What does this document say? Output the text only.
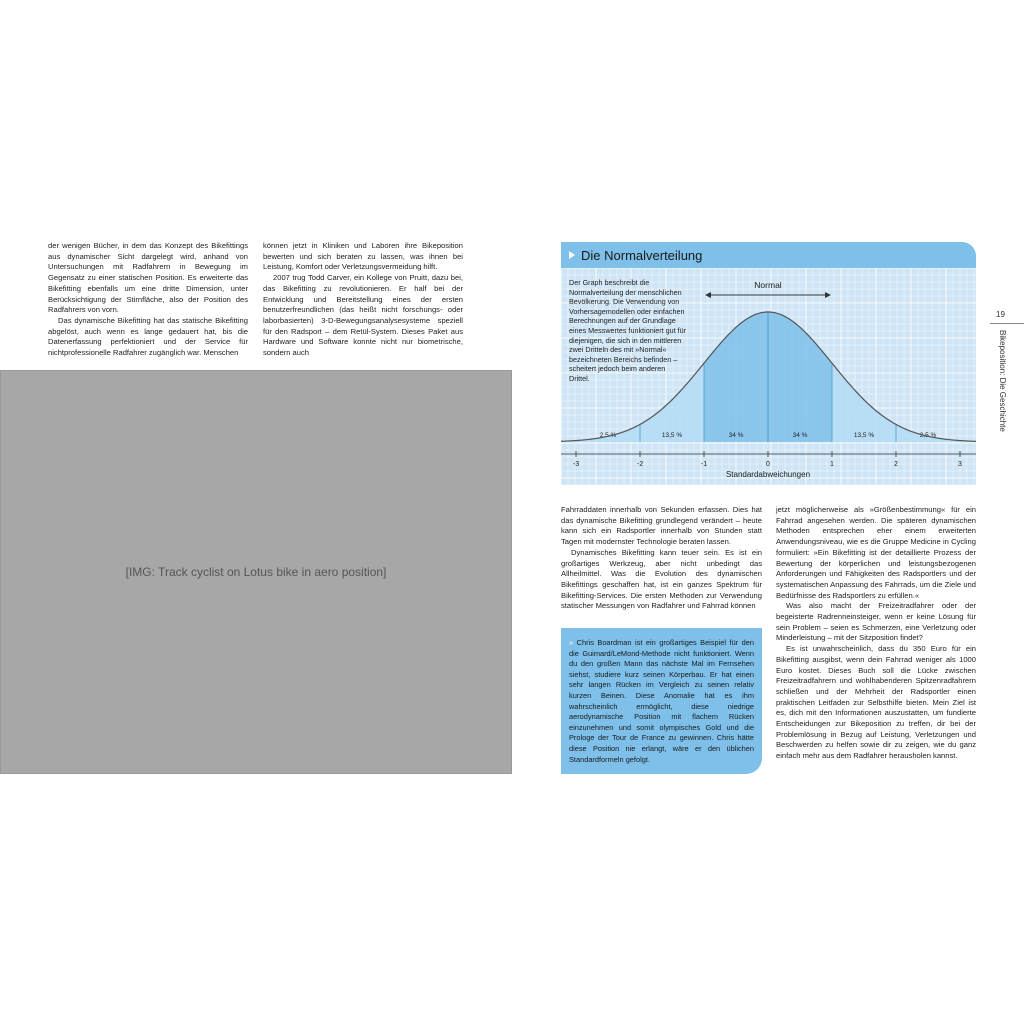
der wenigen Bücher, in dem das Konzept des Bikefittings aus dynamischer Sicht dargelegt wird, anhand von Untersuchungen mit Radfahrern in Bewegung im Gegensatz zu einer statischen Position. Es erweiterte das Bikefitting ebenfalls um eine dritte Dimension, unter Berücksichtigung der Stirnfläche, also der Position des Radfahrers von vorn.

Das dynamische Bikefitting hat das statische Bikefitting abgelöst, auch wenn es lange gedauert hat, bis die Datenerfassung perfektioniert und der Service für nichtprofessionelle Radfahrer zugänglich war. Menschen

können jetzt in Kliniken und Laboren ihre Bikeposition bewerten und sich beraten zu lassen, was ihnen bei Leistung, Komfort oder Verletzungsvermeidung hilft.

2007 trug Todd Carver, ein Kollege von Pruitt, dazu bei, das Bikefitting zu revolutionieren. Er half bei der Entwicklung und Bereitstellung eines der ersten benutzerfreundlichen (das heißt nicht forschungs- oder laborbasierten) 3-D-Bewegungsanalysesysteme speziell für den Radsport – dem Retül-System. Dieses Paket aus Hardware und Software konnte nicht nur biometrische, sondern auch

[IMG: Track cyclist on Lotus bike in aero position]
Die Normalverteilung
2,5 %	13,5 %	34 %	34 %	13,5 %	2,5 %
-3	-2	-1	0	1	2	3
Standardabweichungen
Normal
Der Graph beschreibt die Normalverteilung der menschlichen Bevölkerung. Die Verwendung von Vorhersagemodellen oder einfachen Berechnungen auf der Grundlage eines Messwertes funktioniert gut für diejenigen, die sich in den mittleren zwei Dritteln des mit »Normal« bezeichneten Bereichs befinden – scheitert jedoch beim anderen Drittel.

Fahrraddaten innerhalb von Sekunden erfassen. Dies hat das dynamische Bikefitting grundlegend verändert – heute kann sich ein Radsportler innerhalb von Stunden statt Tagen mit modernster Technologie beraten lassen.

Dynamisches Bikefitting kann teuer sein. Es ist ein großartiges Werkzeug, aber nicht unbedingt das Allheilmittel. Was die Evolution des dynamischen Bikefittings geschaffen hat, ist ein ganzes Spektrum für Bikefitting-Services. Die ersten Methoden zur Verwendung statischer Messungen von Radfahrer und Fahrrad können

» Chris Boardman ist ein großartiges Beispiel für den die Guimard/LeMond-Methode nicht funktioniert. Wenn du den großen Mann das nächste Mal im Fernsehen siehst, studiere kurz seinen Körperbau. Er hat einen sehr langen Rücken im Vergleich zu seinen relativ kurzen Beinen. Diese Anomalie hat es ihm wahrscheinlich ermöglicht, diese niedrige aerodynamische Position mit flachem Rücken einzunehmen und somit olympisches Gold und die Prologe der Tour de France zu gewinnen. Chris hätte diese Position nie erlangt, wäre er den üblichen Standardformeln gefolgt.

jetzt möglicherweise als »Größenbestimmung« für ein Fahrrad angesehen werden. Die späteren dynamischen Methoden entsprechen eher einem erweiterten Anwendungsniveau, wie es die Gruppe Medicine in Cycling formuliert: »Ein Bikefitting ist der detaillierte Prozess der Bewertung der körperlichen und leistungsbezogenen Anforderungen und Fähigkeiten des Radsportlers und der systematischen Anpassung des Fahrrads, um die Ziele und Bedürfnisse des Radsportlers zu erfüllen.«

Was also macht der Freizeitradfahrer oder der begeisterte Radrenneinsteiger, wenn er keine Lösung für sein Problem – seien es Schmerzen, eine Verletzung oder Minderleistung – mit der Sitzposition findet?

Es ist unwahrscheinlich, dass du 350 Euro für ein Bikefitting ausgibst, wenn dein Fahrrad weniger als 1000 Euro kostet. Dieses Buch soll die Lücke zwischen Freizeitradfahrern und wohlhabenderen Spitzenradfahrern schließen und der Mehrheit der Radsportler einen praktischen Leitfaden zur Selbsthilfe bieten. Mein Ziel ist es, dich mit den Informationen auszustatten, um fundierte Entscheidungen zur Bikeposition zu treffen, dir bei der Problemlösung in Bezug auf Leistung, Verletzungen und Beschwerden zu helfen sowie dir zu zeigen, wie du ganz einfach mehr aus dem Radfahrer herausholen kannst.

19
Bikeposition: Die Geschichte
